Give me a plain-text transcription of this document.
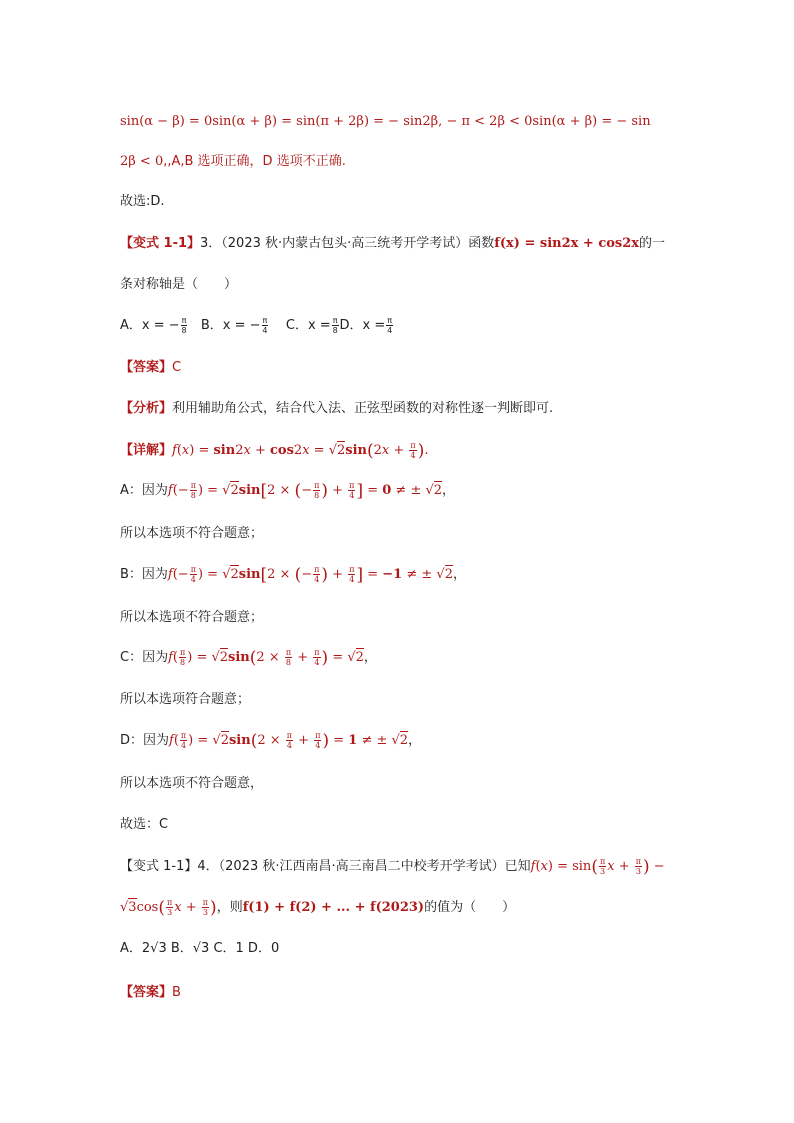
sin(α − β) = 0sin(α + β) = sin(π + 2β) = − sin2β, − π < 2β < 0sin(α + β) = − sin
2β < 0,,A,B 选项正确，D 选项不正确.
故选:D.
【变式 1-1】3．（2023 秋·内蒙古包头·高三统考开学考试）函数f(x) = sin2x + cos2x的一
条对称轴是（　　）
A．x = − $\frac{\pi}{8}$ B．x = − $\frac{\pi}{4}$ C．$x = \frac{\pi}{8}$ D．$x = \frac{\pi}{4}$
【答案】C
【分析】利用辅助角公式，结合代入法、正弦型函数的对称性逐一判断即可.
【详解】$f(x) = \sin 2x + \cos 2x = √2\sin(2x + \frac{\pi}{4}$ ).
A：因为$f(- \frac{\pi}{8}$ ) = √2sin[2 × (− $\frac{\pi}{8}$ ) + $\frac{\pi}{4}$ ] = 0 ≠ ± √2，
所以本选项不符合题意；
B：因为$f(- \frac{\pi}{4}$ ) = √2sin[2 × (− $\frac{\pi}{4}$ ) + $\frac{\pi}{4}$ ] = −1 ≠ ± √2，
所以本选项不符合题意；
C：因为$f( \frac{\pi}{8}$ ) = $√2\sin(2 \times \frac{\pi}{8} + \frac{\pi}{4}$ ) = √2，
所以本选项符合题意；
D：因为$f( \frac{\pi}{4}$ ) = $√2\sin(2 \times \frac{\pi}{4} + \frac{\pi}{4}$ ) = 1 ≠ ± √2，
所以本选项不符合题意，
故选：C
【变式 1-1】4．（2023 秋·江西南昌·高三南昌二中校考开学考试）已知$f(x) = \sin( \frac{\pi}{3}$ $x + \frac{\pi}{3}$ ) −
$√3\cos( \frac{\pi}{3}$ $x + \frac{\pi}{3}$ )，则f(1) + f(2) + ... + f(2023)的值为（　　）
A．2√3 B．√3 C．1 D．0
【答案】B
